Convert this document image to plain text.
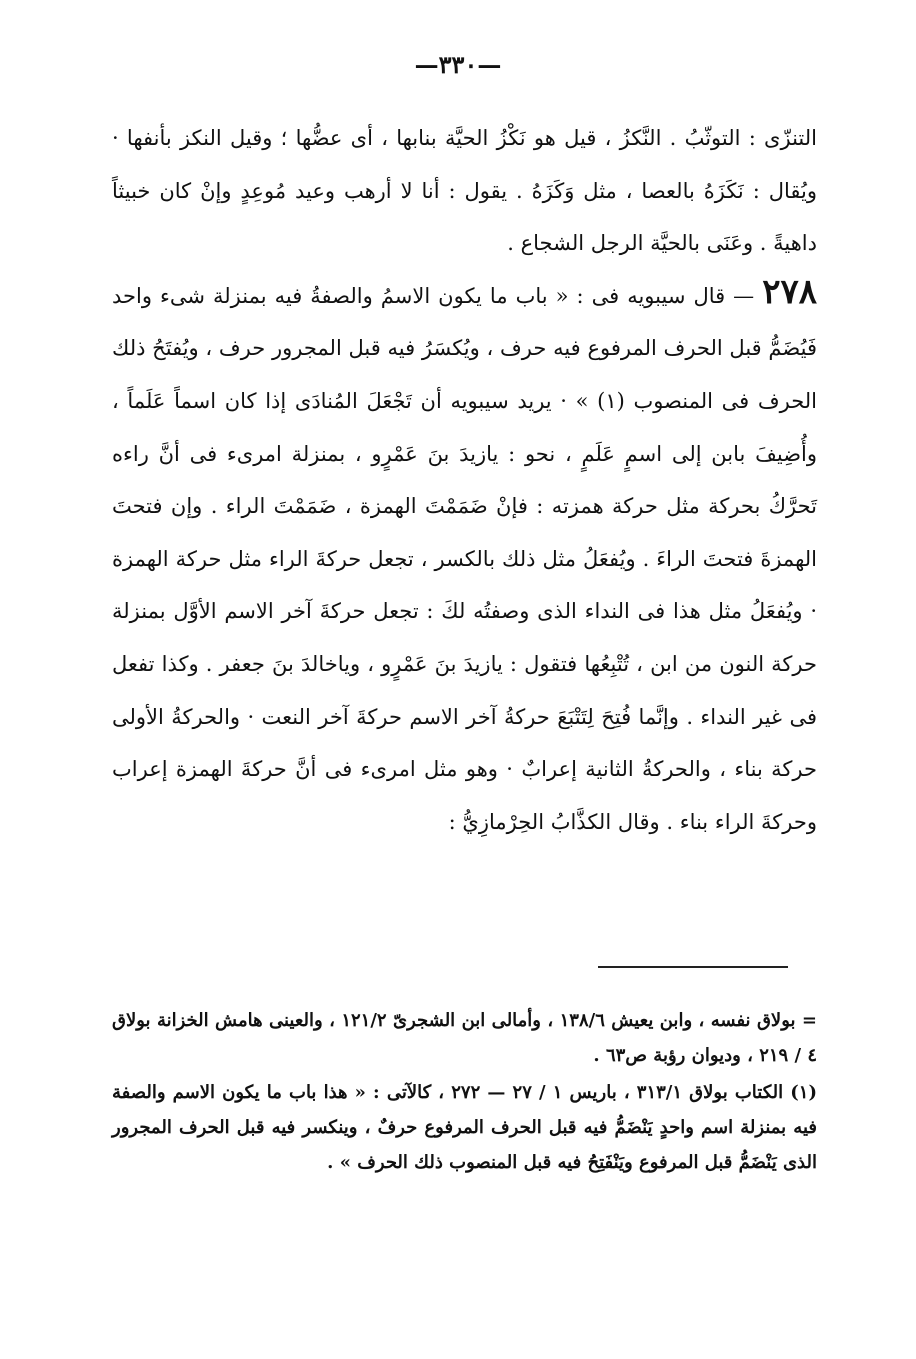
—٣٣٠—

التنزّى : التوثّبُ . النَّكزُ ، قيل هو نَكْزُ الحيَّة بنابها ، أى عضُّها ؛ وقيل النكز بأنفها · ويُقال : نَكَزَهُ بالعصا ، مثل وَكَزَهُ . يقول : أنا لا أرهب وعيد مُوعِدٍ وإنْ كان خبيثاً داهيةً . وعَنَى بالحيَّة الرجل الشجاع .

٢٧٨ — قال سيبويه فى : « باب ما يكون الاسمُ والصفةُ فيه بمنزلة شىء واحد فَيُضَمُّ قبل الحرف المرفوع فيه حرف ، ويُكسَرُ فيه قبل المجرور حرف ، ويُفتَحُ ذلك الحرف فى المنصوب (١) » · يريد سيبويه أن تَجْعَلَ المُنادَى إذا كان اسماً عَلَماً ، وأُضِيفَ بابن إلى اسمٍ عَلَمٍ ، نحو : يازيدَ بنَ عَمْرٍو ، بمنزلة امرىء فى أنَّ راءه تَحرَّكُ بحركة مثل حركة همزته : فإنْ ضَمَمْتَ الهمزة ، ضَمَمْتَ الراء . وإن فتحتَ الهمزةَ فتحتَ الراءَ . ويُفعَلُ مثل ذلك بالكسر ، تجعل حركةَ الراء مثل حركة الهمزة · ويُفعَلُ مثل هذا فى النداء الذى وصفتُه لكَ : تجعل حركةَ آخر الاسم الأوَّل بمنزلة حركة النون من ابن ، تُتْبِعُها فتقول : يازيدَ بنَ عَمْرٍو ، وياخالدَ بنَ جعفر . وكذا تفعل فى غير النداء . وإنَّما فُتِحَ لِتَتْبَعَ حركةُ آخر الاسم حركةَ آخر النعت · والحركةُ الأولى حركة بناء ، والحركةُ الثانية إعرابٌ · وهو مثل امرىء فى أنَّ حركةَ الهمزة إعراب وحركةَ الراء بناء . وقال الكذَّابُ الحِرْمازِيُّ :

= بولاق نفسه ، وابن يعيش ١٣٨/٦ ، وأمالى ابن الشجرىّ ١٢١/٢ ، والعينى هامش الخزانة بولاق ٤ / ٢١٩ ، وديوان رؤبة ص٦٣ .

(١) الكتاب بولاق ٣١٣/١ ، باريس ١ / ٢٧ — ٢٧٢ ، كالآتى : « هذا باب ما يكون الاسم والصفة فيه بمنزلة اسم واحدٍ يَنْضَمُّ فيه قبل الحرف المرفوع حرفٌ ، وينكسر فيه قبل الحرف المجرور الذى يَنْضَمُّ قبل المرفوع ويَنْفَتِحُ فيه قبل المنصوب ذلك الحرف » .
